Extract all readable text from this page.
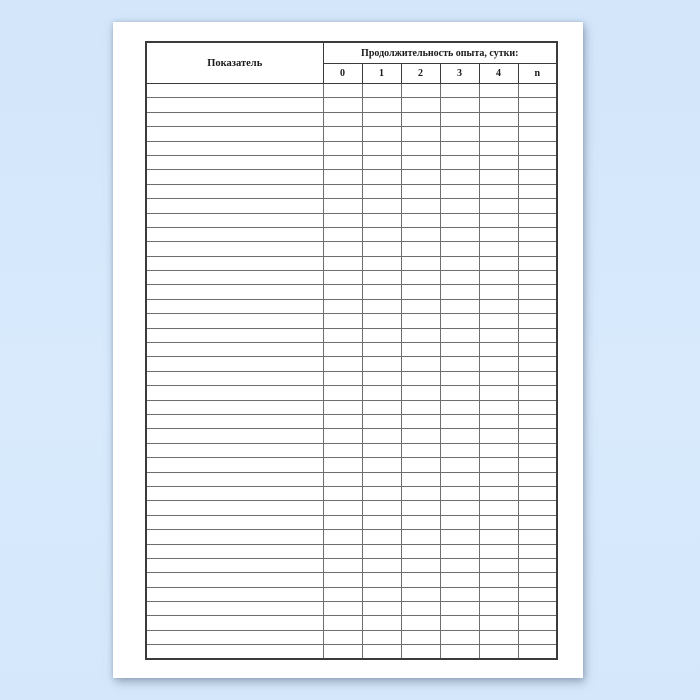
Показатель	Продолжительность опыта, сутки:					
	0	1	2	3	4	n
